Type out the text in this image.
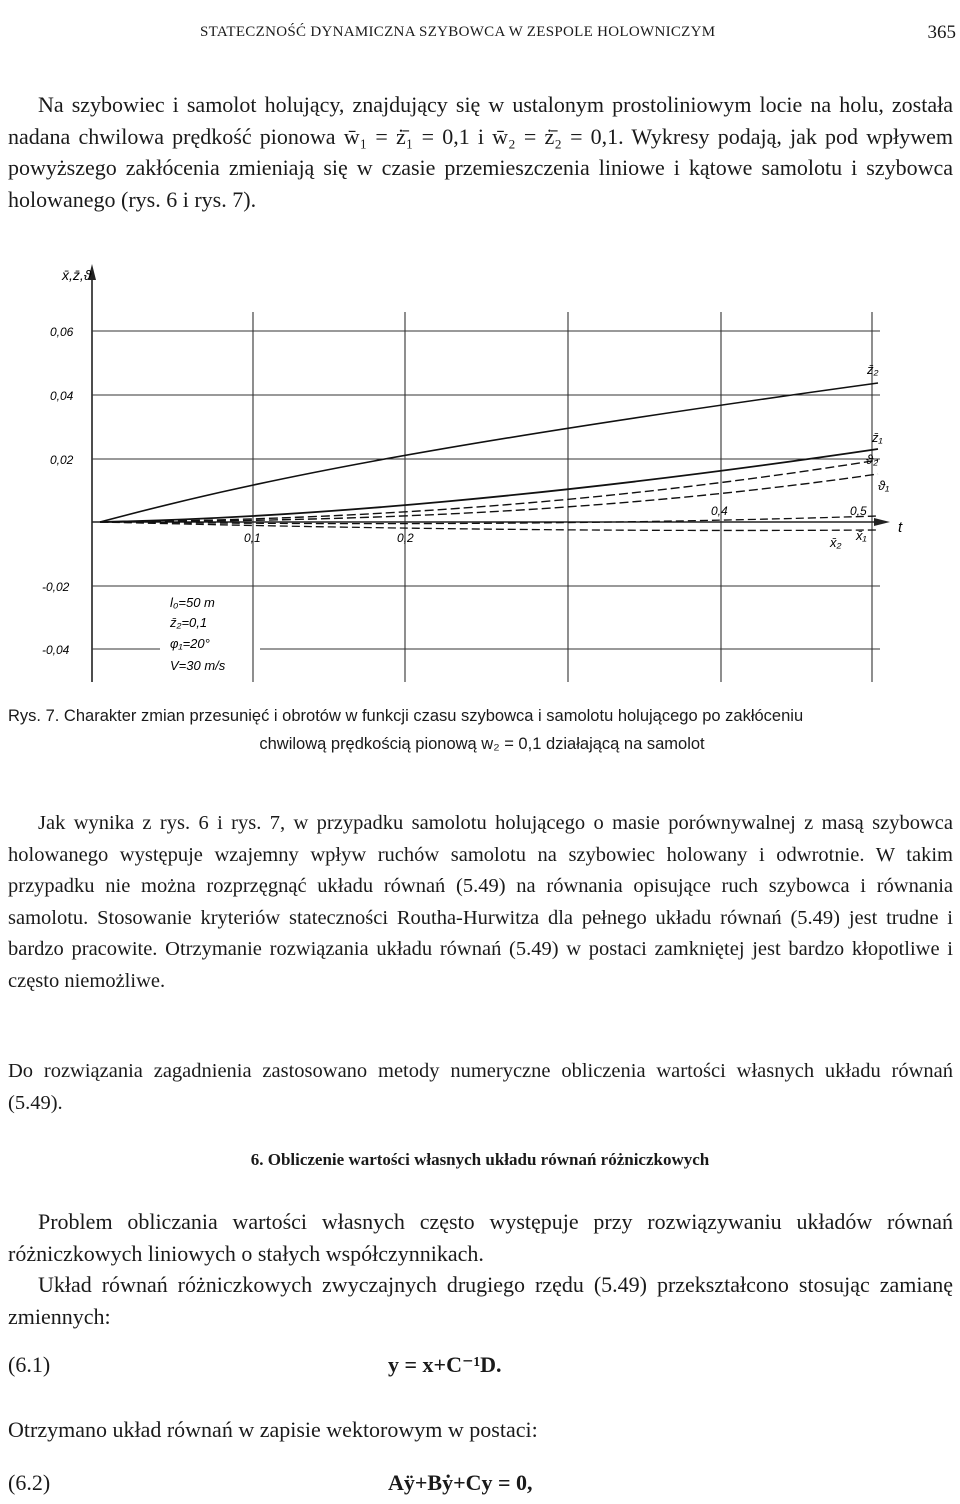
STATECZNOŚĆ DYNAMICZNA SZYBOWCA W ZESPOLE HOLOWNICZYM	365

Na szybowiec i samolot holujący, znajdujący się w ustalonym prostoliniowym locie na holu, została nadana chwilowa prędkość pionowa w̄₁ = ż̄₁ = 0,1 i w̄₂ = ż̄₂ = 0,1. Wykresy podają, jak pod wpływem powyższego zakłócenia zmieniają się w czasie przemieszczenia liniowe i kątowe samolotu i szybowca holowanego (rys. 6 i rys. 7).

x̄,z̄,ϑ
0,06
0,04
0,02
-0,02
-0,04
0,1	0,2
0,4	0,5
t
z̄₂
z̄₁
ϑ₂
ϑ₁
x̄₁
x̄₂
l₀=50 m
z̄₂=0,1
φ₁=20°
V=30 m/s
Rys. 7. Charakter zmian przesunięć i obrotów w funkcji czasu szybowca i samolotu holującego po zakłóceniu
chwilową prędkością pionową w₂ = 0,1 działającą na samolot

Jak wynika z rys. 6 i rys. 7, w przypadku samolotu holującego o masie porównywalnej z masą szybowca holowanego występuje wzajemny wpływ ruchów samolotu na szybowiec holowany i odwrotnie. W takim przypadku nie można rozprzęgnąć układu równań (5.49) na równania opisujące ruch szybowca i równania samolotu. Stosowanie kryteriów stateczności Routha-Hurwitza dla pełnego układu równań (5.49) jest trudne i bardzo pracowite. Otrzymanie rozwiązania układu równań (5.49) w postaci zamkniętej jest bardzo kłopotliwe i często niemożliwe.

Do rozwiązania zagadnienia zastosowano metody numeryczne obliczenia wartości własnych układu równań (5.49).

6. Obliczenie wartości własnych układu równań różniczkowych

Problem obliczania wartości własnych często występuje przy rozwiązywaniu układów równań różniczkowych liniowych o stałych współczynnikach.

Układ równań różniczkowych zwyczajnych drugiego rzędu (5.49) przekształcono stosując zamianę zmiennych:

(6.1)	y = x+C⁻¹D.

Otrzymano układ równań w zapisie wektorowym w postaci:

(6.2)	Aÿ+Bẏ+Cy = 0,
